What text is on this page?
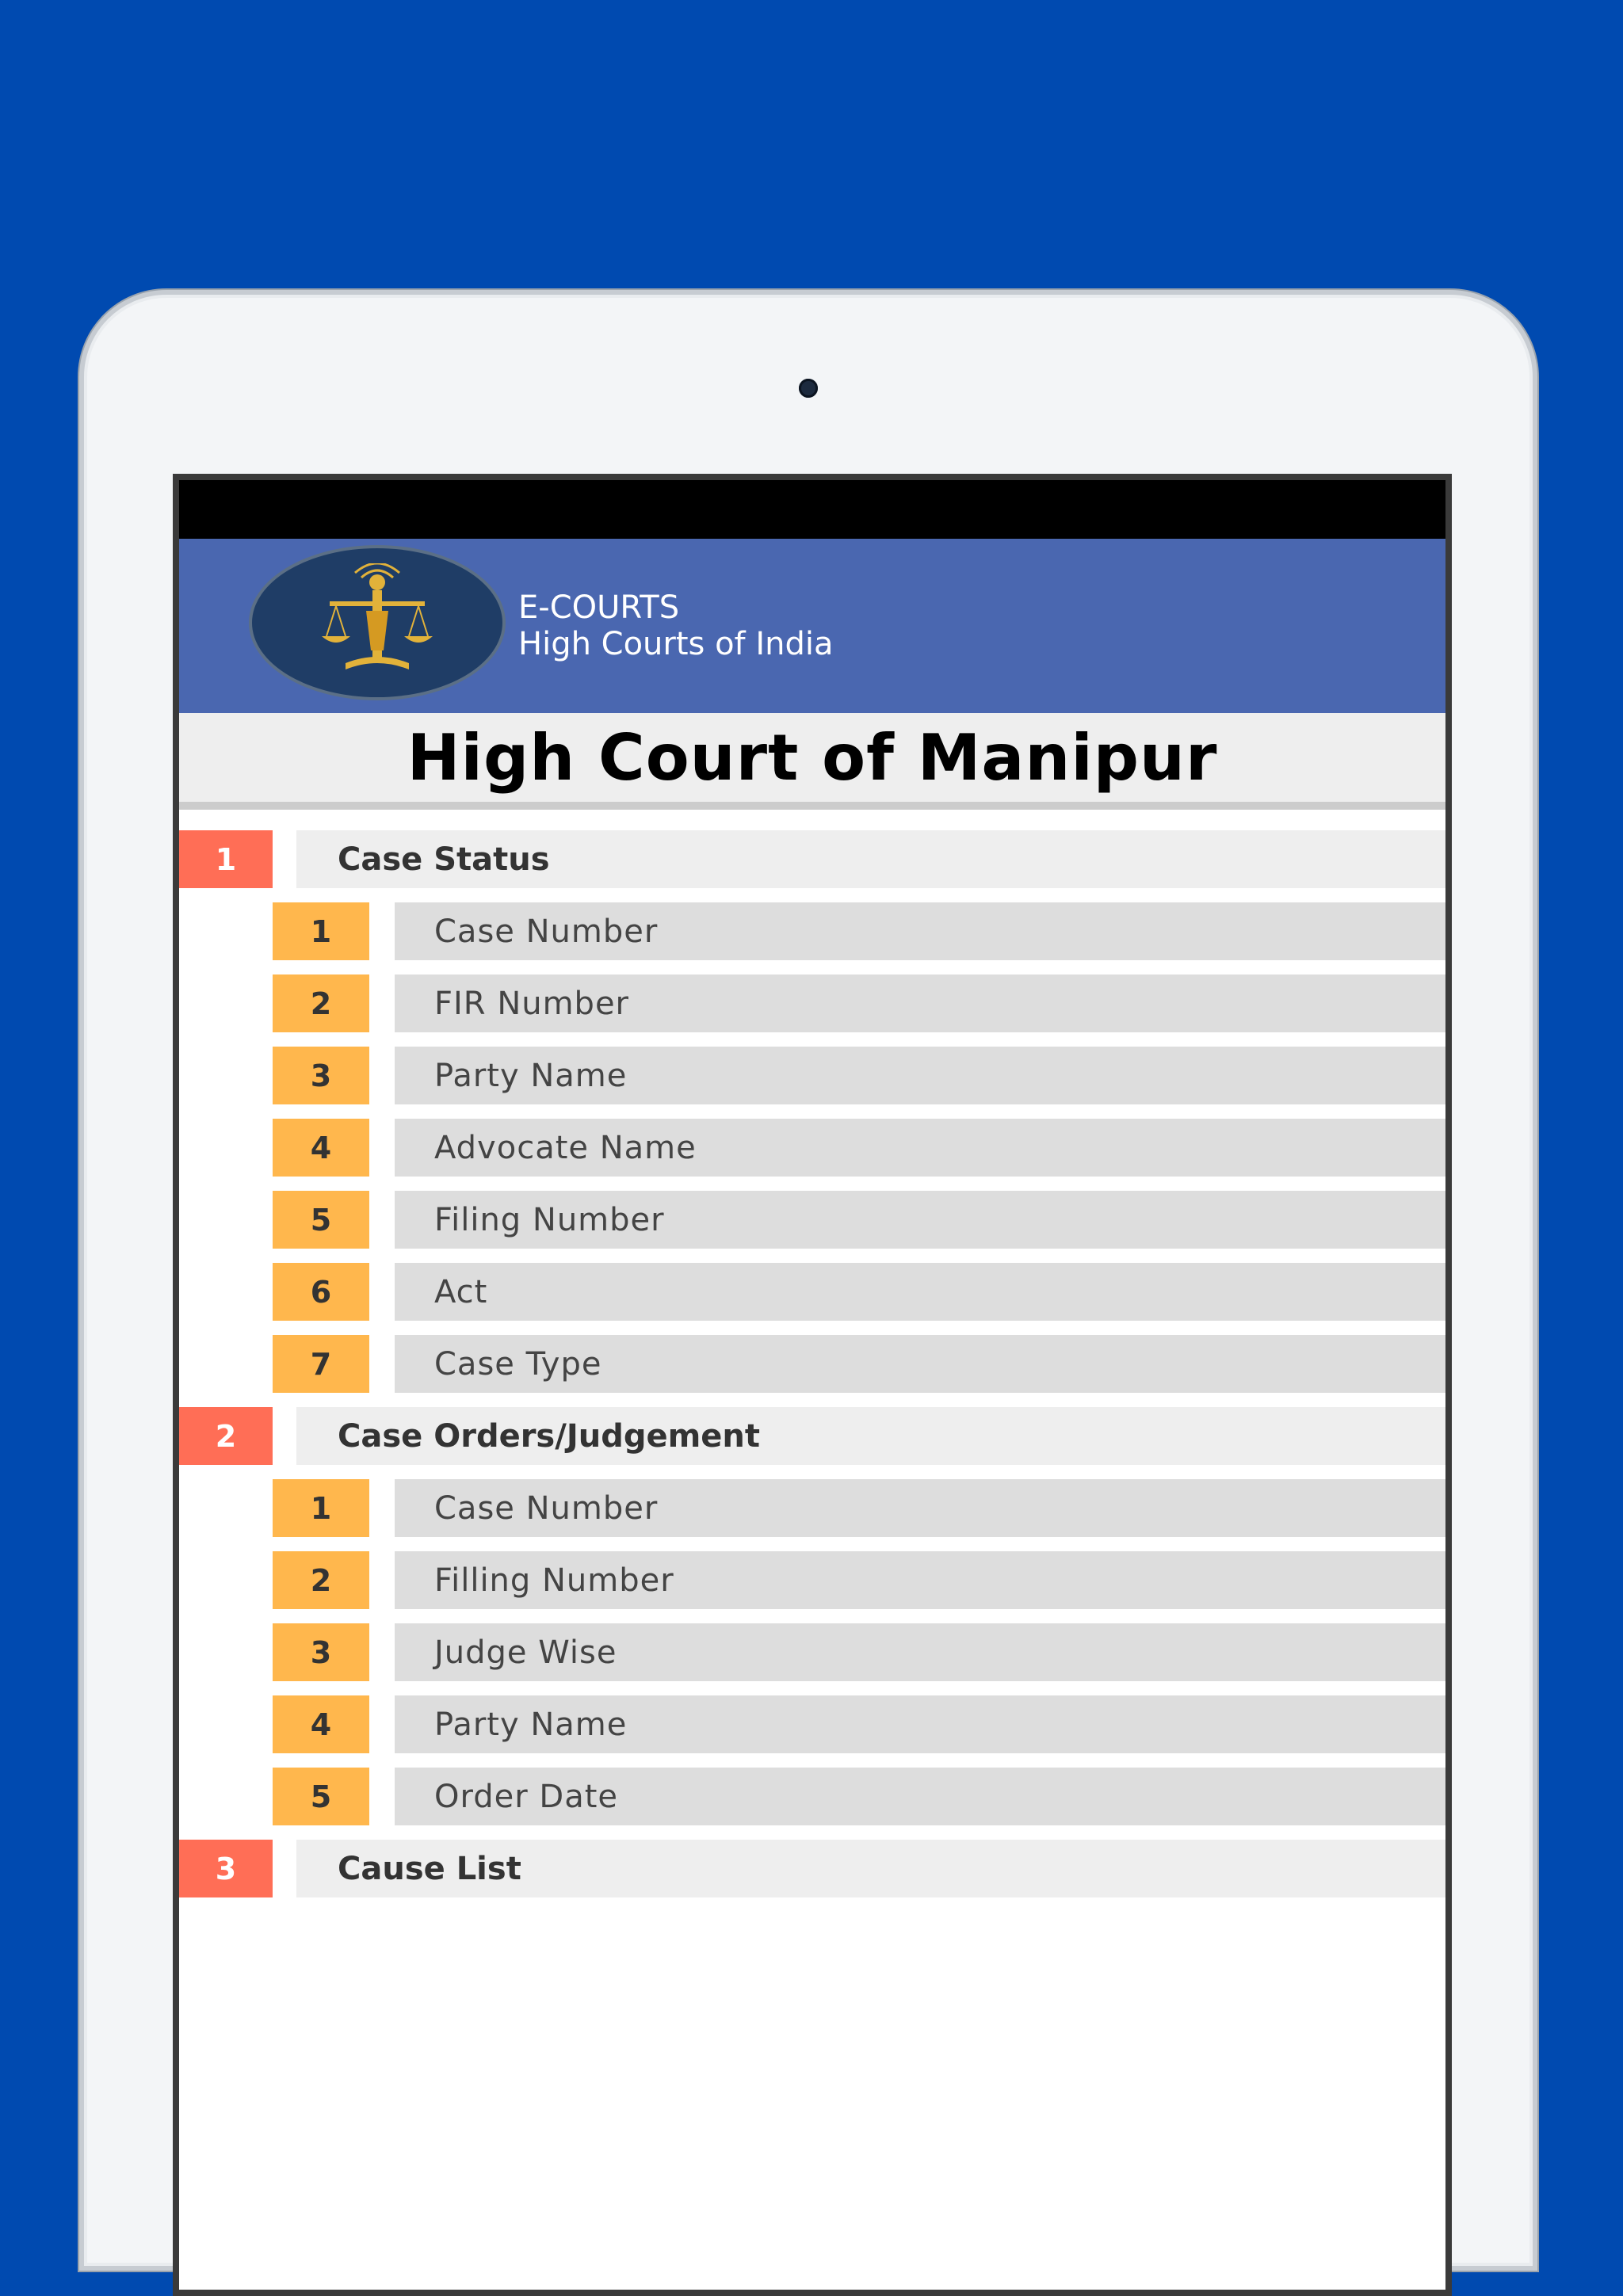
E-COURTS
High Courts of India
High Court of Manipur
1	Case Status
1	Case Number
2	FIR Number
3	Party Name
4	Advocate Name
5	Filing Number
6	Act
7	Case Type
2	Case Orders/Judgement
1	Case Number
2	Filling Number
3	Judge Wise
4	Party Name
5	Order Date
3	Cause List
